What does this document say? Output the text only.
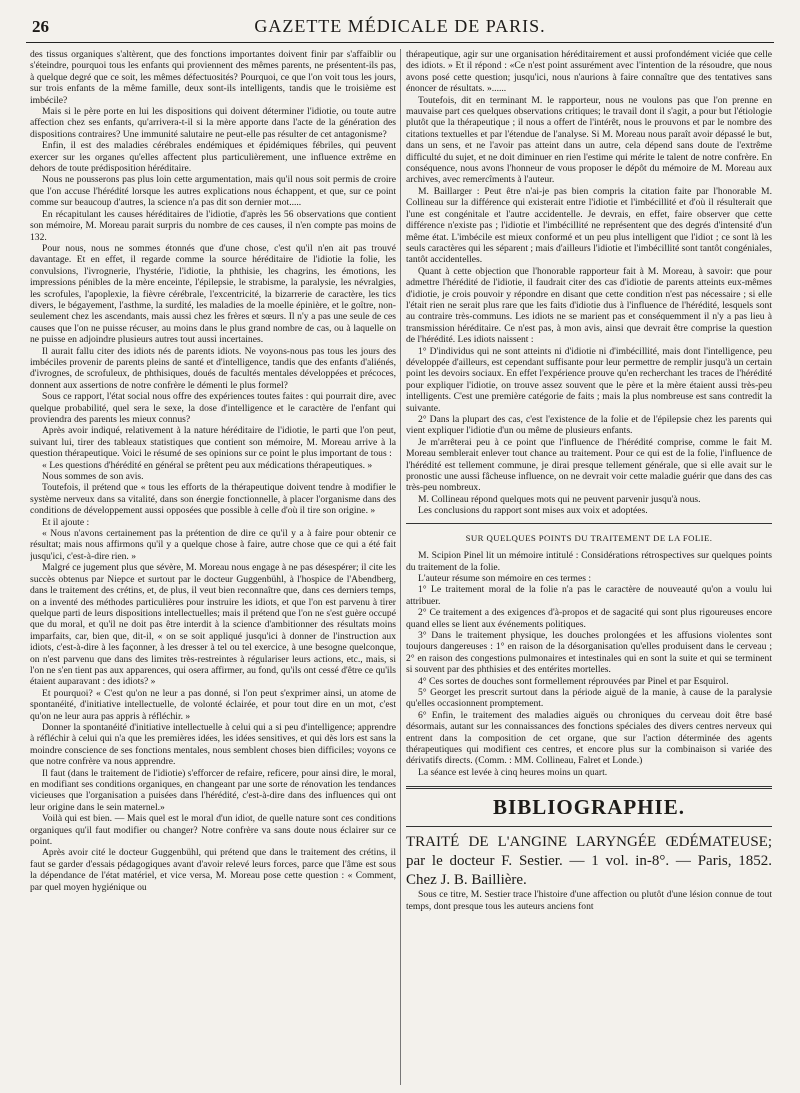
26	GAZETTE MÉDICALE DE PARIS.

des tissus organiques s'altèrent, que des fonctions importantes doivent finir par s'affaiblir ou s'éteindre, pourquoi tous les enfants qui proviennent des mêmes parents, ne présentent-ils pas, à quelque degré que ce soit, les mêmes défectuosités? Pourquoi, ce que l'on voit tous les jours, sur trois enfants de la même famille, deux sont-ils intelligents, tandis que le troisième est imbécile?

Mais si le père porte en lui les dispositions qui doivent déterminer l'idiotie, ou toute autre affection chez ses enfants, qu'arrivera-t-il si la mère apporte dans l'acte de la génération des dispositions contraires? Une immunité salutaire ne peut-elle pas résulter de cet antagonisme?

Enfin, il est des maladies cérébrales endémiques et épidémiques fébriles, qui peuvent exercer sur les organes qu'elles affectent plus particulièrement, une influence extrême en dehors de toute prédisposition héréditaire.

Nous ne pousserons pas plus loin cette argumentation, mais qu'il nous soit permis de croire que l'on accuse l'hérédité lorsque les autres explications nous échappent, et que, sur ce point comme sur beaucoup d'autres, la science n'a pas dit son dernier mot.....

En récapitulant les causes héréditaires de l'idiotie, d'après les 56 observations que contient son mémoire, M. Moreau parait surpris du nombre de ces causes, il n'en compte pas moins de 132.

Pour nous, nous ne sommes étonnés que d'une chose, c'est qu'il n'en ait pas trouvé davantage. Et en effet, il regarde comme la source héréditaire de l'idiotie la folie, les convulsions, l'ivrognerie, l'hystérie, l'idiotie, la phthisie, les chagrins, les émotions, les impressions pénibles de la mère enceinte, l'épilepsie, le strabisme, la paralysie, les névralgies, les scrofules, l'apoplexie, la fièvre cérébrale, l'excentricité, la bizarrerie de caractère, les tics divers, le bégayement, l'asthme, la surdité, les maladies de la moelle épinière, et le goître, non-seulement chez les ascendants, mais aussi chez les frères et sœurs. Il n'y a pas une seule de ces causes que l'on ne puisse récuser, au moins dans le plus grand nombre de cas, ou à laquelle on ne puisse en adjoindre plusieurs autres tout aussi incertaines.

Il aurait fallu citer des idiots nés de parents idiots. Ne voyons-nous pas tous les jours des imbéciles provenir de parents pleins de santé et d'intelligence, tandis que des enfants d'aliénés, d'ivrognes, de scrofuleux, de phthisiques, doués de facultés mentales développées et précoces, donnent aux assertions de notre confrère le démenti le plus formel?

Sous ce rapport, l'état social nous offre des expériences toutes faites : qui pourrait dire, avec quelque probabilité, quel sera le sexe, la dose d'intelligence et le caractère de l'enfant qui proviendra des parents les mieux connus?

Après avoir indiqué, relativement à la nature héréditaire de l'idiotie, le parti que l'on peut, suivant lui, tirer des tableaux statistiques que contient son mémoire, M. Moreau arrive à la question thérapeutique. Voici le résumé de ses opinions sur ce point le plus important de tous :

« Les questions d'hérédité en général se prêtent peu aux médications thérapeutiques. »

Nous sommes de son avis.

Toutefois, il prétend que « tous les efforts de la thérapeutique doivent tendre à modifier le système nerveux dans sa vitalité, dans son énergie fonctionnelle, à placer l'organisme dans des conditions de développement aussi opposées que possible à celle d'où il tire son origine. »

Et il ajoute :

« Nous n'avons certainement pas la prétention de dire ce qu'il y a à faire pour obtenir ce résultat; mais nous affirmons qu'il y a quelque chose à faire, autre chose que ce qui a été fait jusqu'ici, c'est-à-dire rien. »

Malgré ce jugement plus que sévère, M. Moreau nous engage à ne pas désespérer; il cite les succès obtenus par Niepce et surtout par le docteur Guggenbühl, à l'hospice de l'Abendberg, dans le traitement des crétins, et, de plus, il veut bien reconnaître que, dans ces derniers temps, on a inventé des méthodes particulières pour instruire les idiots, et que l'on est parvenu à tirer quelque parti de leurs dispositions intellectuelles; mais il prétend que l'on ne s'est guère occupé que du moral, et qu'il ne doit pas être interdit à la science d'ambitionner des résultats moins imparfaits, car, bien que, dit-il, « on se soit appliqué jusqu'ici à donner de l'instruction aux idiots, c'est-à-dire à les façonner, à les dresser à tel ou tel exercice, à une besogne quelconque, on n'est parvenu que dans des limites très-restreintes à régulariser leurs actions, etc., mais, si l'on ne s'en tient pas aux apparences, qui osera affirmer, au fond, qu'ils ont cessé d'être ce qu'ils étaient auparavant : des idiots? »

Et pourquoi? « C'est qu'on ne leur a pas donné, si l'on peut s'exprimer ainsi, un atome de spontanéité, d'initiative intellectuelle, de volonté éclairée, et pour tout dire en un mot, c'est qu'on ne leur aura pas appris à réfléchir. »

Donner la spontanéité d'initiative intellectuelle à celui qui a si peu d'intelligence; apprendre à réfléchir à celui qui n'a que les premières idées, les idées sensitives, et qui dès lors est sans la moindre conscience de ses fonctions mentales, nous semblent choses bien difficiles; voyons ce que notre confrère va nous apprendre.

Il faut (dans le traitement de l'idiotie) s'efforcer de refaire, reficere, pour ainsi dire, le moral, en modifiant ses conditions organiques, en changeant par une sorte de rénovation les tendances vicieuses que l'organisation a puisées dans l'hérédité, c'est-à-dire dans des influences qui ont leur origine dans le sein maternel.»

Voilà qui est bien. — Mais quel est le moral d'un idiot, de quelle nature sont ces conditions organiques qu'il faut modifier ou changer? Notre confrère va sans doute nous éclairer sur ce point.

Après avoir cité le docteur Guggenbühl, qui prétend que dans le traitement des crétins, il faut se garder d'essais pédagogiques avant d'avoir relevé leurs forces, parce que l'âme est sous la dépendance de l'état matériel, et vice versa, M. Moreau pose cette question : « Comment, par quel moyen hygiénique ou

thérapeutique, agir sur une organisation héréditairement et aussi profondément viciée que celle des idiots. » Et il répond : «Ce n'est point assurément avec l'intention de la résoudre, que nous avons posé cette question; jusqu'ici, nous n'aurions à faire connaître que des tentatives sans énoncer de résultats. »......

Toutefois, dit en terminant M. le rapporteur, nous ne voulons pas que l'on prenne en mauvaise part ces quelques observations critiques; le travail dont il s'agit, a pour but l'étiologie plutôt que la thérapeutique ; il nous a offert de l'intérêt, nous le prouvons et par le nombre des citations textuelles et par l'étendue de l'analyse. Si M. Moreau nous paraît avoir dépassé le but, dans un sens, et ne l'avoir pas atteint dans un autre, cela dépend sans doute de l'extrême difficulté du sujet, et ne doit diminuer en rien l'estime qui mérite le talent de notre confrère. En conséquence, nous avons l'honneur de vous proposer le dépôt du mémoire de M. Moreau aux archives, avec remercîments à l'auteur.

M. Baillarger : Peut être n'ai-je pas bien compris la citation faite par l'honorable M. Collineau sur la différence qui existerait entre l'idiotie et l'imbécillité et d'où il résulterait que l'une est congénitale et l'autre accidentelle. Je devrais, en effet, faire observer que cette différence n'existe pas ; l'idiotie et l'imbécillité ne représentent que des degrés d'intensité d'un même état. L'imbécile est mieux conformé et un peu plus intelligent que l'idiot ; ce sont là les seuls caractères qui les séparent ; mais d'ailleurs l'idiotie et l'imbécillité sont tantôt congéniales, tantôt accidentelles.

Quant à cette objection que l'honorable rapporteur fait à M. Moreau, à savoir: que pour admettre l'hérédité de l'idiotie, il faudrait citer des cas d'idiotie de parents atteints eux-mêmes d'idiotie, je crois pouvoir y répondre en disant que cette condition n'est pas nécessaire ; si elle l'était rien ne serait plus rare que les faits d'idiotie dus à l'influence de l'hérédité, lesquels sont au contraire très-communs. Les idiots ne se marient pas et conséquemment il n'y a pas lieu à transmission héréditaire. Ce n'est pas, à mon avis, ainsi que devrait être comprise la question de l'hérédité. Les idiots naissent :

1° D'individus qui ne sont atteints ni d'idiotie ni d'imbécillité, mais dont l'intelligence, peu développée d'ailleurs, est cependant suffisante pour leur permettre de remplir jusqu'à un certain point les devoirs sociaux. En effet l'expérience prouve qu'en recherchant les traces de l'hérédité pour expliquer l'idiotie, on trouve assez souvent que le père et la mère étaient aussi très-peu intelligents. C'est une première catégorie de faits ; mais la plus nombreuse est sans contredit la suivante.

2° Dans la plupart des cas, c'est l'existence de la folie et de l'épilepsie chez les parents qui vient expliquer l'idiotie d'un ou même de plusieurs enfants.

Je m'arrêterai peu à ce point que l'influence de l'hérédité comprise, comme le fait M. Moreau semblerait enlever tout chance au traitement. Pour ce qui est de la folie, l'influence de l'hérédité est tellement commune, je dirai presque tellement générale, que si elle avait sur le pronostic une aussi fâcheuse influence, on ne devrait voir cette maladie guérir que dans des cas très-peu nombreux.

M. Collineau répond quelques mots qui ne peuvent parvenir jusqu'à nous.

Les conclusions du rapport sont mises aux voix et adoptées.

SUR QUELQUES POINTS DU TRAITEMENT DE LA FOLIE.

M. Scipion Pinel lit un mémoire intitulé : Considérations rétrospectives sur quelques points du traitement de la folie.

L'auteur résume son mémoire en ces termes :

1° Le traitement moral de la folie n'a pas le caractère de nouveauté qu'on a voulu lui attribuer.

2° Ce traitement a des exigences d'à-propos et de sagacité qui sont plus rigoureuses encore quand elles se lient aux événements politiques.

3° Dans le traitement physique, les douches prolongées et les affusions violentes sont toujours dangereuses : 1° en raison de la désorganisation qu'elles produisent dans le cerveau ; 2° en raison des congestions pulmonaires et intestinales qui en sont la suite et qui se terminent si souvent par des phthisies et des entérites mortelles.

4° Ces sortes de douches sont formellement réprouvées par Pinel et par Esquirol.

5° Georget les prescrit surtout dans la période aiguë de la manie, à cause de la paralysie qu'elles occasionnent promptement.

6° Enfin, le traitement des maladies aiguës ou chroniques du cerveau doit être basé désormais, autant sur les connaissances des fonctions spéciales des divers centres nerveux qui entrent dans la composition de cet organe, que sur l'action déterminée des agents thérapeutiques qui modifient ces centres, et encore plus sur la combinaison si variée des dérivatifs directs. (Comm. : MM. Collineau, Falret et Londe.)

La séance est levée à cinq heures moins un quart.

BIBLIOGRAPHIE.

TRAITÉ DE L'ANGINE LARYNGÉE ŒDÉMATEUSE; par le docteur F. Sestier. — 1 vol. in-8°. — Paris, 1852. Chez J. B. Baillière.

Sous ce titre, M. Sestier trace l'histoire d'une affection ou plutôt d'une lésion connue de tout temps, dont presque tous les auteurs anciens font
